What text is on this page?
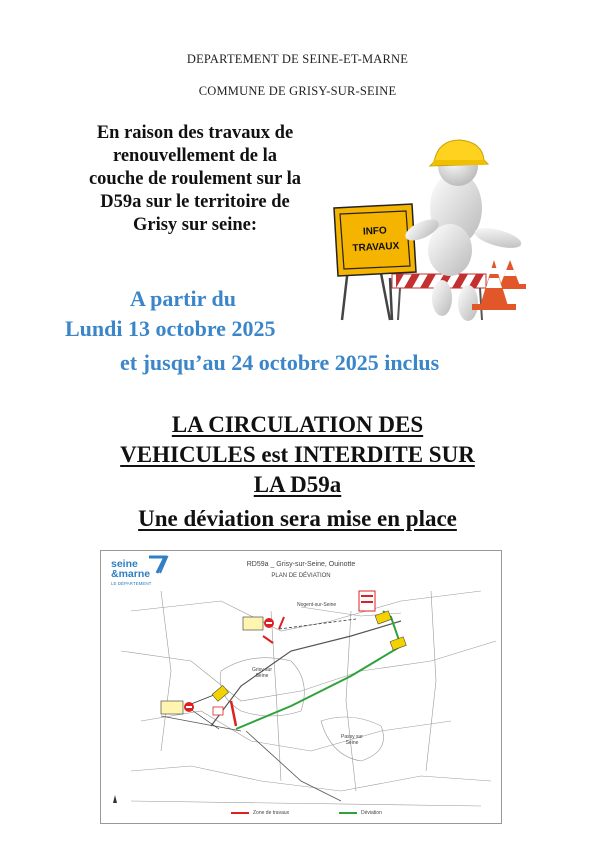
DEPARTEMENT DE SEINE-ET-MARNE
COMMUNE DE GRISY-SUR-SEINE
En raison des travaux de
renouvellement de la
couche de roulement sur la
D59a sur le territoire de
Grisy sur seine:	INFO
TRAVAUX
A partir du
Lundi 13 octobre 2025
et jusqu’au 24 octobre 2025 inclus
LA CIRCULATION DES
VEHICULES est INTERDITE SUR
LA D59a
Une déviation sera mise en place
seine
&marne
LE DÉPARTEMENT
RD59a _ Grisy-sur-Seine, Ouinotte
PLAN DE DÉVIATION
Nogent-sur-Seine
Grisy sur Seine
Passy sur Seine
Zone de travaux	Déviation
